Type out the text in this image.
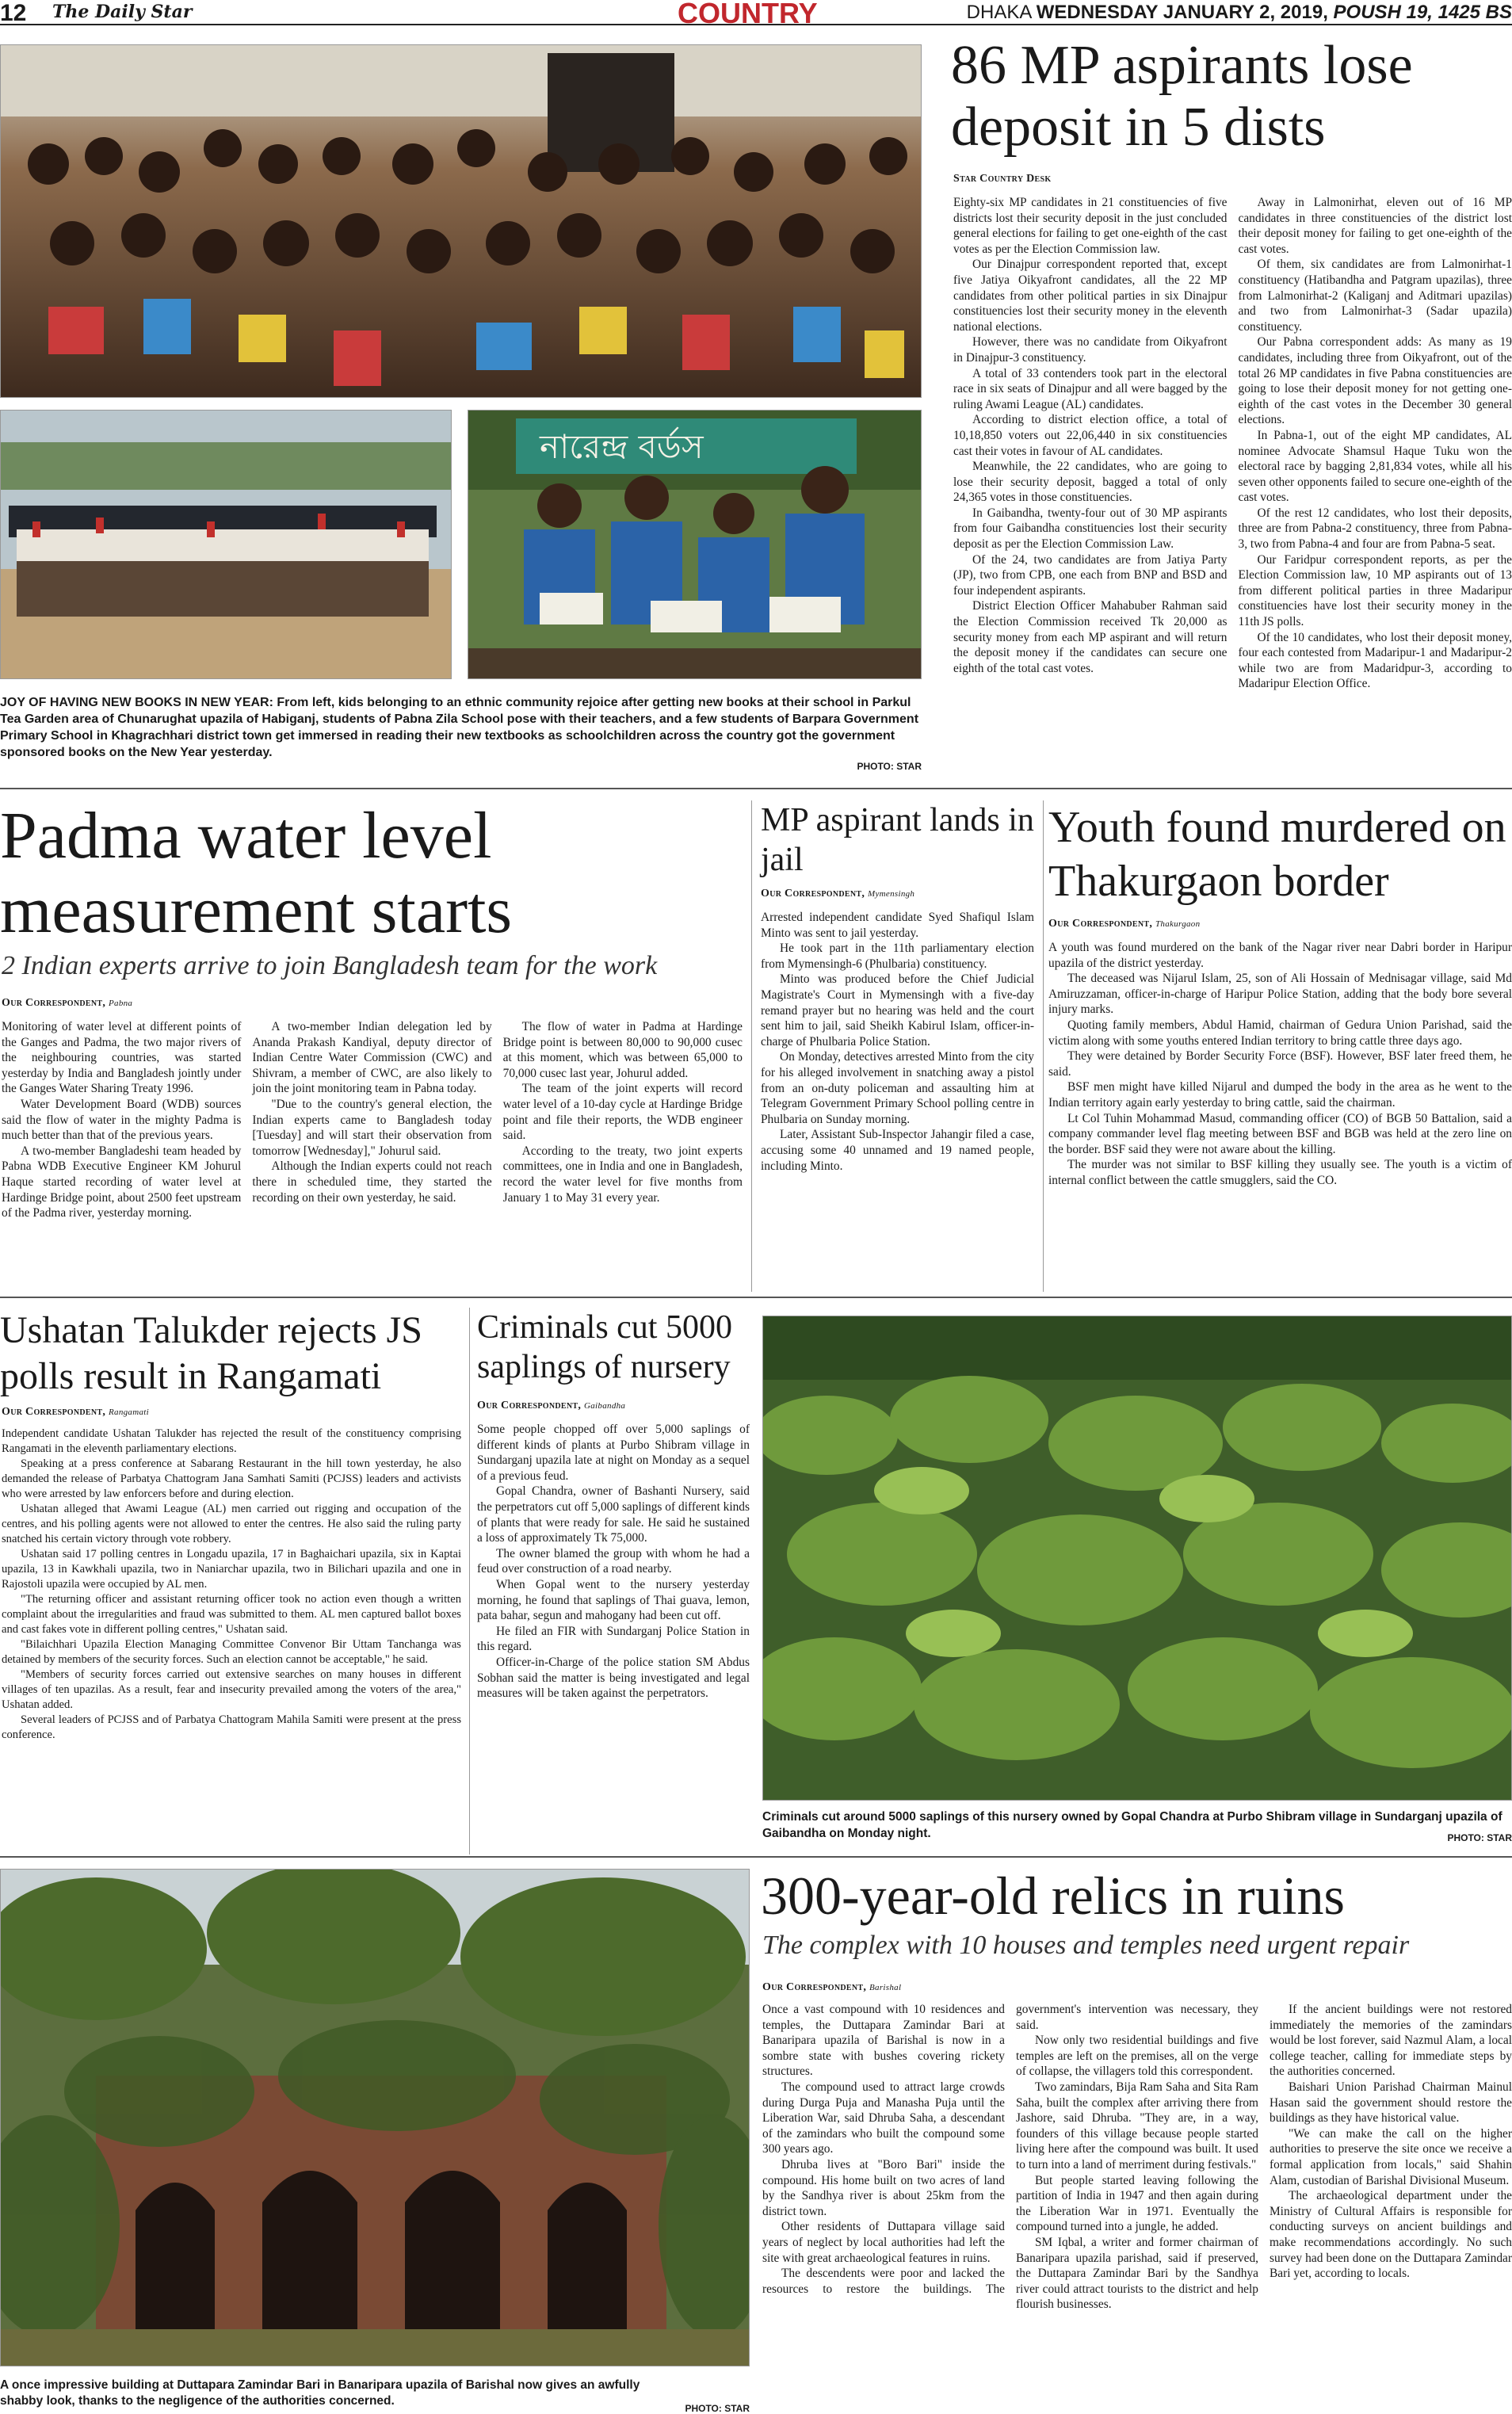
12 The Daily Star	COUNTRY	DHAKA WEDNESDAY JANUARY 2, 2019, POUSH 19, 1425 BS
নারেন্দ্র বর্ডস
JOY OF HAVING NEW BOOKS IN NEW YEAR: From left, kids belonging to an ethnic community rejoice after getting new books at their school in Parkul Tea Garden area of Chunarughat upazila of Habiganj, students of Pabna Zila School pose with their teachers, and a few students of Barpara Government Primary School in Khagrachhari district town get immersed in reading their new textbooks as schoolchildren across the country got the government sponsored books on the New Year yesterday.
PHOTO: STAR
86 MP aspirants lose deposit in 5 dists
Star Country Desk

Eighty-six MP candidates in 21 constituencies of five districts lost their security deposit in the just concluded general elections for failing to get one-eighth of the cast votes as per the Election Commission law.

Our Dinajpur correspondent reported that, except five Jatiya Oikyafront candidates, all the 22 MP candidates from other political parties in six Dinajpur constituencies lost their security money in the eleventh national elections.

However, there was no candidate from Oikyafront in Dinajpur-3 constituency.

A total of 33 contenders took part in the electoral race in six seats of Dinajpur and all were bagged by the ruling Awami League (AL) candidates.

According to district election office, a total of 10,18,850 voters out 22,06,440 in six constituencies cast their votes in favour of AL candidates.

Meanwhile, the 22 candidates, who are going to lose their security deposit, bagged a total of only 24,365 votes in those constituencies.

In Gaibandha, twenty-four out of 30 MP aspirants from four Gaibandha constituencies lost their security deposit as per the Election Commission Law.

Of the 24, two candidates are from Jatiya Party (JP), two from CPB, one each from BNP and BSD and four independent aspirants.

District Election Officer Mahabuber Rahman said the Election Commission received Tk 20,000 as security money from each MP aspirant and will return the deposit money if the candidates can secure one eighth of the total cast votes.

Away in Lalmonirhat, eleven out of 16 MP candidates in three constituencies of the district lost their deposit money for failing to get one-eighth of the cast votes.

Of them, six candidates are from Lalmonirhat-1 constituency (Hatibandha and Patgram upazilas), three from Lalmonirhat-2 (Kaliganj and Aditmari upazilas) and two from Lalmonirhat-3 (Sadar upazila) constituency.

Our Pabna correspondent adds: As many as 19 candidates, including three from Oikyafront, out of the total 26 MP candidates in five Pabna constituencies are going to lose their deposit money for not getting one-eighth of the cast votes in the December 30 general elections.

In Pabna-1, out of the eight MP candidates, AL nominee Advocate Shamsul Haque Tuku won the electoral race by bagging 2,81,834 votes, while all his seven other opponents failed to secure one-eighth of the cast votes.

Of the rest 12 candidates, who lost their deposits, three are from Pabna-2 constituency, three from Pabna-3, two from Pabna-4 and four are from Pabna-5 seat.

Our Faridpur correspondent reports, as per the Election Commission law, 10 MP aspirants out of 13 from different political parties in three Madaripur constituencies have lost their security money in the 11th JS polls.

Of the 10 candidates, who lost their deposit money, four each contested from Madaripur-1 and Madaripur-2 while two are from Madaridpur-3, according to Madaripur Election Office.

Padma water level measurement starts
2 Indian experts arrive to join Bangladesh team for the work
Our Correspondent, Pabna

Monitoring of water level at different points of the Ganges and Padma, the two major rivers of the neighbouring countries, was started yesterday by India and Bangladesh jointly under the Ganges Water Sharing Treaty 1996.

Water Development Board (WDB) sources said the flow of water in the mighty Padma is much better than that of the previous years.

A two-member Bangladeshi team headed by Pabna WDB Executive Engineer KM Johurul Haque started recording of water level at Hardinge Bridge point, about 2500 feet upstream of the Padma river, yesterday morning.

A two-member Indian delegation led by Ananda Prakash Kandiyal, deputy director of Indian Centre Water Commission (CWC) and Shivram, a member of CWC, are also likely to join the joint monitoring team in Pabna today.

"Due to the country's general election, the Indian experts came to Bangladesh today [Tuesday] and will start their observation from tomorrow [Wednesday]," Johurul said.

Although the Indian experts could not reach there in scheduled time, they started the recording on their own yesterday, he said.

The flow of water in Padma at Hardinge Bridge point is between 80,000 to 90,000 cusec at this moment, which was between 65,000 to 70,000 cusec last year, Johurul added.

The team of the joint experts will record water level of a 10-day cycle at Hardinge Bridge point and file their reports, the WDB engineer said.

According to the treaty, two joint experts committees, one in India and one in Bangladesh, record the water level for five months from January 1 to May 31 every year.

MP aspirant lands in jail
Our Correspondent, Mymensingh

Arrested independent candidate Syed Shafiqul Islam Minto was sent to jail yesterday.

He took part in the 11th parliamentary election from Mymensingh-6 (Phulbaria) constituency.

Minto was produced before the Chief Judicial Magistrate's Court in Mymensingh with a five-day remand prayer but no hearing was held and the court sent him to jail, said Sheikh Kabirul Islam, officer-in-charge of Phulbaria Police Station.

On Monday, detectives arrested Minto from the city for his alleged involvement in snatching away a pistol from an on-duty policeman and assaulting him at Telegram Government Primary School polling centre in Phulbaria on Sunday morning.

Later, Assistant Sub-Inspector Jahangir filed a case, accusing some 40 unnamed and 19 named people, including Minto.

Youth found murdered on Thakurgaon border
Our Correspondent, Thakurgaon

A youth was found murdered on the bank of the Nagar river near Dabri border in Haripur upazila of the district yesterday.

The deceased was Nijarul Islam, 25, son of Ali Hossain of Mednisagar village, said Md Amiruzzaman, officer-in-charge of Haripur Police Station, adding that the body bore several injury marks.

Quoting family members, Abdul Hamid, chairman of Gedura Union Parishad, said the victim along with some youths entered Indian territory to bring cattle three days ago.

They were detained by Border Security Force (BSF). However, BSF later freed them, he said.

BSF men might have killed Nijarul and dumped the body in the area as he went to the Indian territory again early yesterday to bring cattle, said the chairman.

Lt Col Tuhin Mohammad Masud, commanding officer (CO) of BGB 50 Battalion, said a company commander level flag meeting between BSF and BGB was held at the zero line on the border. BSF said they were not aware about the killing.

The murder was not similar to BSF killing they usually see. The youth is a victim of internal conflict between the cattle smugglers, said the CO.

Ushatan Talukder rejects JS polls result in Rangamati
Our Correspondent, Rangamati

Independent candidate Ushatan Talukder has rejected the result of the constituency comprising Rangamati in the eleventh parliamentary elections.

Speaking at a press conference at Sabarang Restaurant in the hill town yesterday, he also demanded the release of Parbatya Chattogram Jana Samhati Samiti (PCJSS) leaders and activists who were arrested by law enforcers before and during election.

Ushatan alleged that Awami League (AL) men carried out rigging and occupation of the centres, and his polling agents were not allowed to enter the centres. He also said the ruling party snatched his certain victory through vote robbery.

Ushatan said 17 polling centres in Longadu upazila, 17 in Baghaichari upazila, six in Kaptai upazila, 13 in Kawkhali upazila, two in Naniarchar upazila, two in Bilichari upazila and one in Rajostoli upazila were occupied by AL men.

"The returning officer and assistant returning officer took no action even though a written complaint about the irregularities and fraud was submitted to them. AL men captured ballot boxes and cast fakes vote in different polling centres," Ushatan said.

"Bilaichhari Upazila Election Managing Committee Convenor Bir Uttam Tanchanga was detained by members of the security forces. Such an election cannot be acceptable," he said.

"Members of security forces carried out extensive searches on many houses in different villages of ten upazilas. As a result, fear and insecurity prevailed among the voters of the area," Ushatan added.

Several leaders of PCJSS and of Parbatya Chattogram Mahila Samiti were present at the press conference.

Criminals cut 5000 saplings of nursery
Our Correspondent, Gaibandha

Some people chopped off over 5,000 saplings of different kinds of plants at Purbo Shibram village in Sundarganj upazila late at night on Monday as a sequel of a previous feud.

Gopal Chandra, owner of Bashanti Nursery, said the perpetrators cut off 5,000 saplings of different kinds of plants that were ready for sale. He said he sustained a loss of approximately Tk 75,000.

The owner blamed the group with whom he had a feud over construction of a road nearby.

When Gopal went to the nursery yesterday morning, he found that saplings of Thai guava, lemon, pata bahar, segun and mahogany had been cut off.

He filed an FIR with Sundarganj Police Station in this regard.

Officer-in-Charge of the police station SM Abdus Sobhan said the matter is being investigated and legal measures will be taken against the perpetrators.

Criminals cut around 5000 saplings of this nursery owned by Gopal Chandra at Purbo Shibram village in Sundarganj upazila of Gaibandha on Monday night.	PHOTO: STAR
A once impressive building at Duttapara Zamindar Bari in Banaripara upazila of Barishal now gives an awfully shabby look, thanks to the negligence of the authorities concerned.
PHOTO: STAR
300-year-old relics in ruins
The complex with 10 houses and temples need urgent repair
Our Correspondent, Barishal

Once a vast compound with 10 residences and temples, the Duttapara Zamindar Bari at Banaripara upazila of Barishal is now in a sombre state with bushes covering rickety structures.

The compound used to attract large crowds during Durga Puja and Manasha Puja until the Liberation War, said Dhruba Saha, a descendant of the zamindars who built the compound some 300 years ago.

Dhruba lives at "Boro Bari" inside the compound. His home built on two acres of land by the Sandhya river is about 25km from the district town.

Other residents of Duttapara village said years of neglect by local authorities had left the site with great archaeological features in ruins.

The descendents were poor and lacked the resources to restore the buildings. The government's intervention was necessary, they said.

Now only two residential buildings and five temples are left on the premises, all on the verge of collapse, the villagers told this correspondent.

Two zamindars, Bija Ram Saha and Sita Ram Saha, built the complex after arriving there from Jashore, said Dhruba. "They are, in a way, founders of this village because people started living here after the compound was built. It used to turn into a land of merriment during festivals."

But people started leaving following the partition of India in 1947 and then again during the Liberation War in 1971. Eventually the compound turned into a jungle, he added.

SM Iqbal, a writer and former chairman of Banaripara upazila parishad, said if preserved, the Duttapara Zamindar Bari by the Sandhya river could attract tourists to the district and help flourish businesses.

If the ancient buildings were not restored immediately the memories of the zamindars would be lost forever, said Nazmul Alam, a local college teacher, calling for immediate steps by the authorities concerned.

Baishari Union Parishad Chairman Mainul Hasan said the government should restore the buildings as they have historical value.

"We can make the call on the higher authorities to preserve the site once we receive a formal application from locals," said Shahin Alam, custodian of Barishal Divisional Museum.

The archaeological department under the Ministry of Cultural Affairs is responsible for conducting surveys on ancient buildings and make recommendations accordingly. No such survey had been done on the Duttapara Zamindar Bari yet, according to locals.
